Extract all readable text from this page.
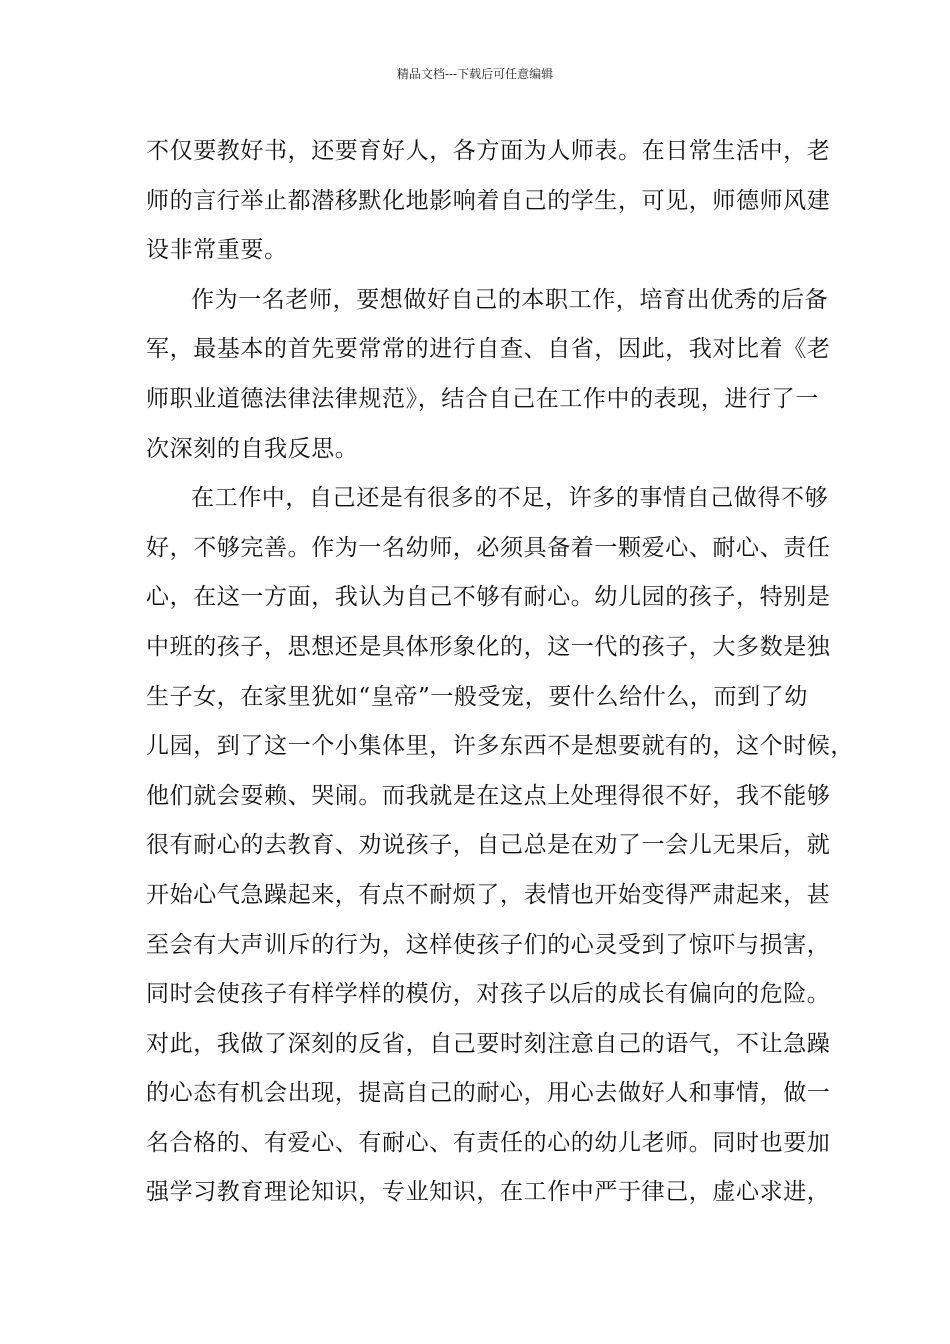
精品文档---下载后可任意编辑
不仅要教好书，还要育好人，各方面为人师表。在日常生活中，老
师的言行举止都潜移默化地影响着自己的学生，可见，师德师风建
设非常重要。
作为一名老师，要想做好自己的本职工作，培育出优秀的后备
军，最基本的首先要常常的进行自查、自省，因此，我对比着《老
师职业道德法律法律规范》，结合自己在工作中的表现，进行了一
次深刻的自我反思。
在工作中，自己还是有很多的不足，许多的事情自己做得不够
好，不够完善。作为一名幼师，必须具备着一颗爱心、耐心、责任
心，在这一方面，我认为自己不够有耐心。幼儿园的孩子，特别是
中班的孩子，思想还是具体形象化的，这一代的孩子，大多数是独
生子女，在家里犹如“皇帝”一般受宠，要什么给什么，而到了幼
儿园，到了这一个小集体里，许多东西不是想要就有的，这个时候，
他们就会耍赖、哭闹。而我就是在这点上处理得很不好，我不能够
很有耐心的去教育、劝说孩子，自己总是在劝了一会儿无果后，就
开始心气急躁起来，有点不耐烦了，表情也开始变得严肃起来，甚
至会有大声训斥的行为，这样使孩子们的心灵受到了惊吓与损害，
同时会使孩子有样学样的模仿，对孩子以后的成长有偏向的危险。
对此，我做了深刻的反省，自己要时刻注意自己的语气，不让急躁
的心态有机会出现，提高自己的耐心，用心去做好人和事情，做一
名合格的、有爱心、有耐心、有责任的心的幼儿老师。同时也要加
强学习教育理论知识，专业知识，在工作中严于律己，虚心求进，
